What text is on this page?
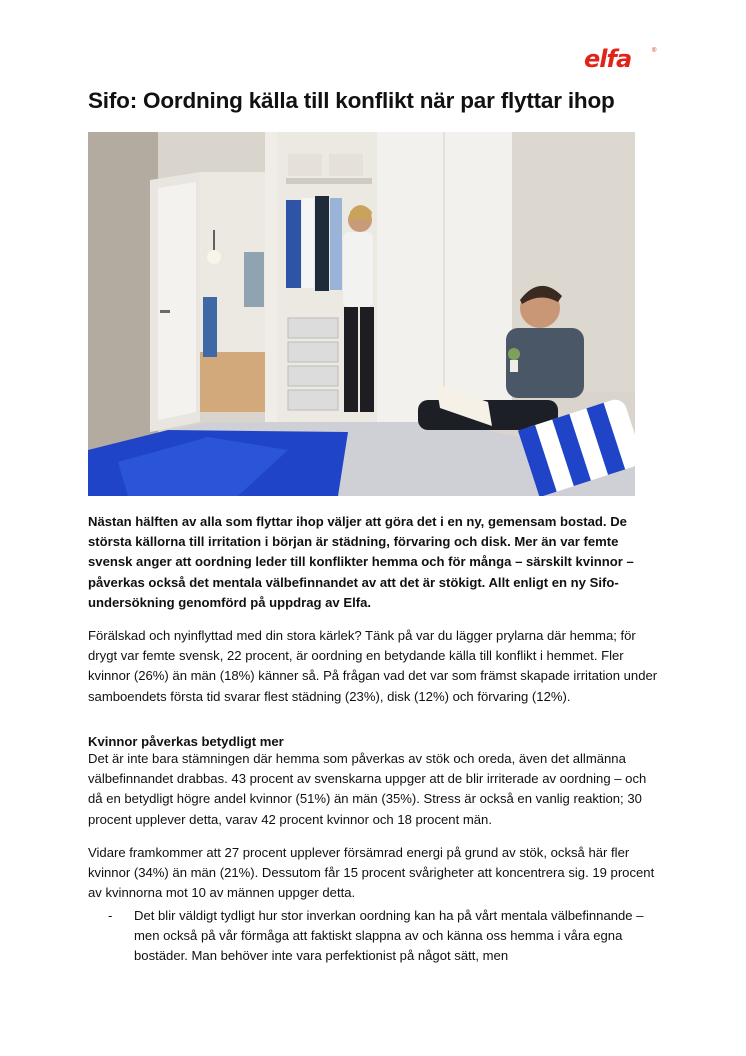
elfa	®
Sifo: Oordning källa till konflikt när par flyttar ihop

Nästan hälften av alla som flyttar ihop väljer att göra det i en ny, gemensam bostad. De största källorna till irritation i början är städning, förvaring och disk. Mer än var femte svensk anger att oordning leder till konflikter hemma och för många – särskilt kvinnor – påverkas också det mentala välbefinnandet av att det är stökigt. Allt enligt en ny Sifo-undersökning genomförd på uppdrag av Elfa.

Förälskad och nyinflyttad med din stora kärlek? Tänk på var du lägger prylarna där hemma; för drygt var femte svensk, 22 procent, är oordning en betydande källa till konflikt i hemmet. Fler kvinnor (26%) än män (18%) känner så. På frågan vad det var som främst skapade irritation under samboendets första tid svarar flest städning (23%), disk (12%) och förvaring (12%).

Kvinnor påverkas betydligt mer

Det är inte bara stämningen där hemma som påverkas av stök och oreda, även det allmänna välbefinnandet drabbas. 43 procent av svenskarna uppger att de blir irriterade av oordning – och då en betydligt högre andel kvinnor (51%) än män (35%). Stress är också en vanlig reaktion; 30 procent upplever detta, varav 42 procent kvinnor och 18 procent män.

Vidare framkommer att 27 procent upplever försämrad energi på grund av stök, också här fler kvinnor (34%) än män (21%). Dessutom får 15 procent svårigheter att koncentrera sig. 19 procent av kvinnorna mot 10 av männen uppger detta.

- Det blir väldigt tydligt hur stor inverkan oordning kan ha på vårt mentala välbefinnande – men också på vår förmåga att faktiskt slappna av och känna oss hemma i våra egna bostäder. Man behöver inte vara perfektionist på något sätt, men
